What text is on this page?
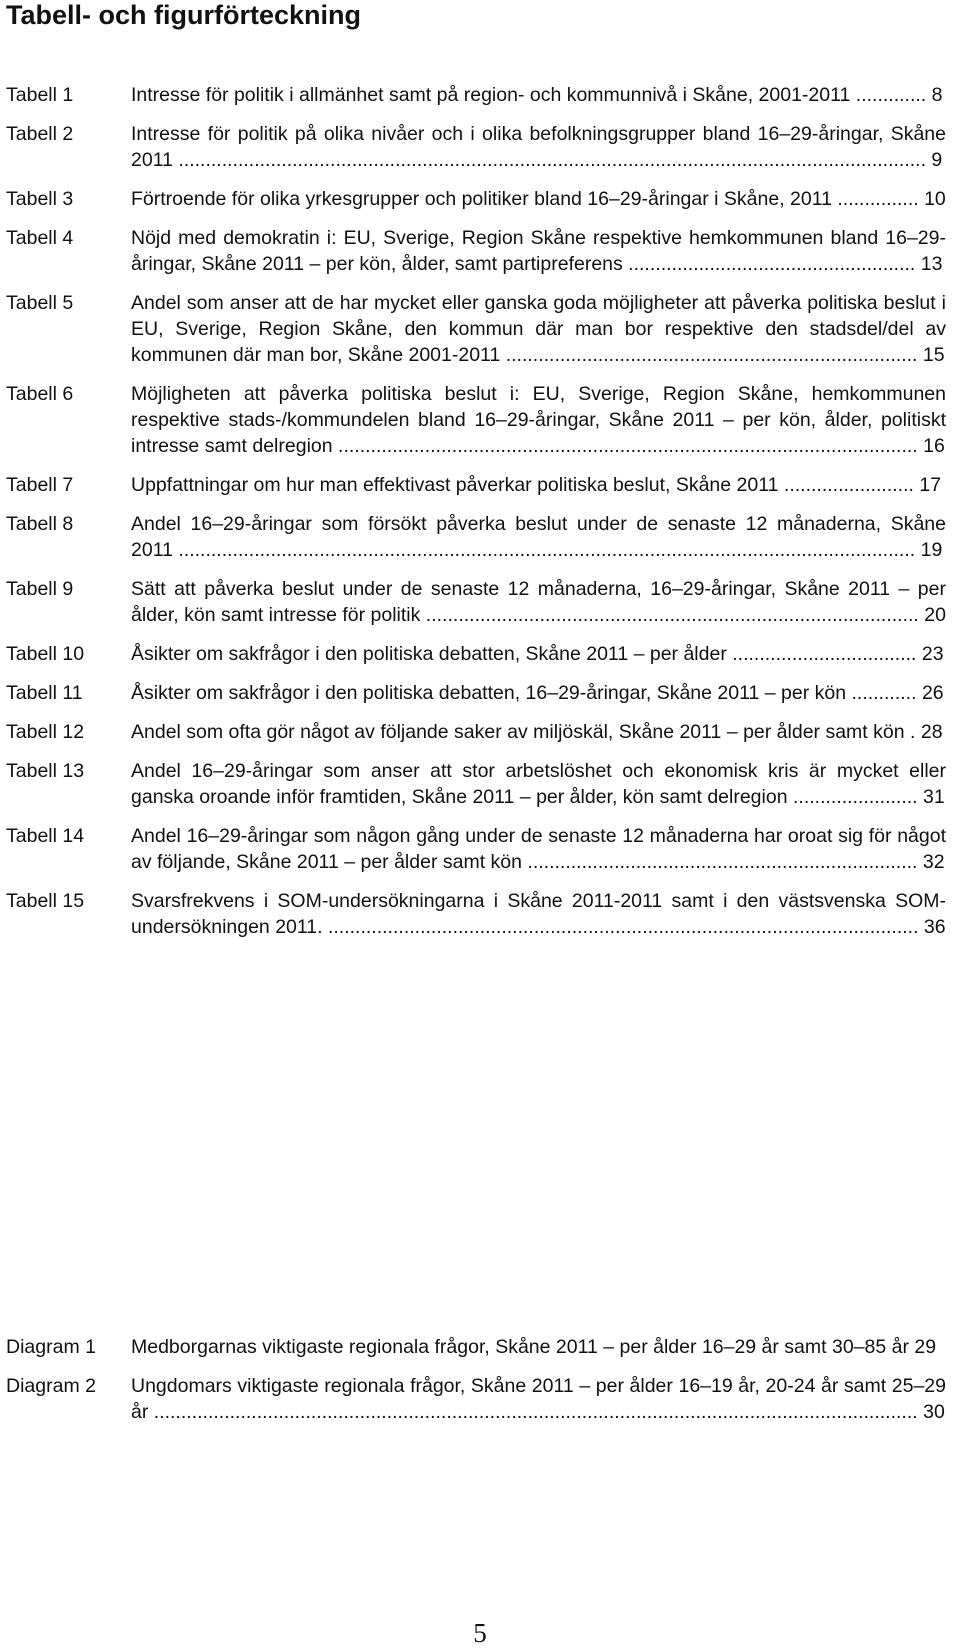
Tabell- och figurförteckning
Tabell 1	Intresse för politik i allmänhet samt på region- och kommunnivå i Skåne, 2001-2011 ............. 8
Tabell 2	Intresse för politik på olika nivåer och i olika befolkningsgrupper bland 16–29-åringar, Skåne 2011 .......................................................................................................................................... 9
Tabell 3	Förtroende för olika yrkesgrupper och politiker bland 16–29-åringar i Skåne, 2011 ............... 10
Tabell 4	Nöjd med demokratin i: EU, Sverige, Region Skåne respektive hemkommunen bland 16–29-åringar, Skåne 2011 – per kön, ålder, samt partipreferens ..................................................... 13
Tabell 5	Andel som anser att de har mycket eller ganska goda möjligheter att påverka politiska beslut i EU, Sverige, Region Skåne, den kommun där man bor respektive den stadsdel/del av kommunen där man bor, Skåne 2001-2011 ............................................................................ 15
Tabell 6	Möjligheten att påverka politiska beslut i: EU, Sverige, Region Skåne, hemkommunen respektive stads-/kommundelen bland 16–29-åringar, Skåne 2011 – per kön, ålder, politiskt intresse samt delregion ........................................................................................................... 16
Tabell 7	Uppfattningar om hur man effektivast påverkar politiska beslut, Skåne 2011 ........................ 17
Tabell 8	Andel 16–29-åringar som försökt påverka beslut under de senaste 12 månaderna, Skåne 2011 ........................................................................................................................................ 19
Tabell 9	Sätt att påverka beslut under de senaste 12 månaderna, 16–29-åringar, Skåne 2011 – per ålder, kön samt intresse för politik ........................................................................................... 20
Tabell 10	Åsikter om sakfrågor i den politiska debatten, Skåne 2011 – per ålder .................................. 23
Tabell 11	Åsikter om sakfrågor i den politiska debatten, 16–29-åringar, Skåne 2011 – per kön ............ 26
Tabell 12	Andel som ofta gör något av följande saker av miljöskäl, Skåne 2011 – per ålder samt kön . 28
Tabell 13	Andel 16–29-åringar som anser att stor arbetslöshet och ekonomisk kris är mycket eller ganska oroande inför framtiden, Skåne 2011 – per ålder, kön samt delregion ....................... 31
Tabell 14	Andel 16–29-åringar som någon gång under de senaste 12 månaderna har oroat sig för något av följande, Skåne 2011 – per ålder samt kön ........................................................................ 32
Tabell 15	Svarsfrekvens i SOM-undersökningarna i Skåne 2011-2011 samt i den västsvenska SOM-undersökningen 2011. ............................................................................................................. 36
Diagram 1	Medborgarnas viktigaste regionala frågor, Skåne 2011 – per ålder 16–29 år samt 30–85 år 29
Diagram 2	Ungdomars viktigaste regionala frågor, Skåne 2011 – per ålder 16–19 år, 20-24 år samt 25–29 år ............................................................................................................................................. 30
5
